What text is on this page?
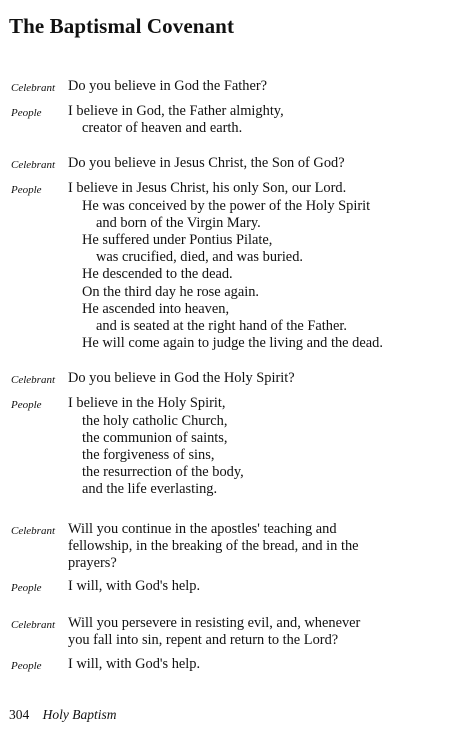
The Baptismal Covenant
Celebrant Do you believe in God the Father?
People	I believe in God, the Father almighty,
creator of heaven and earth.
Celebrant Do you believe in Jesus Christ, the Son of God?
People	I believe in Jesus Christ, his only Son, our Lord.
He was conceived by the power of the Holy Spirit
and born of the Virgin Mary.
He suffered under Pontius Pilate,
was crucified, died, and was buried.
He descended to the dead.
On the third day he rose again.
He ascended into heaven,
and is seated at the right hand of the Father.
He will come again to judge the living and the dead.
Celebrant Do you believe in God the Holy Spirit?
People	I believe in the Holy Spirit,
the holy catholic Church,
the communion of saints,
the forgiveness of sins,
the resurrection of the body,
and the life everlasting.
Celebrant Will you continue in the apostles' teaching and
fellowship, in the breaking of the bread, and in the
prayers?
People	I will, with God's help.
Celebrant Will you persevere in resisting evil, and, whenever
you fall into sin, repent and return to the Lord?
People	I will, with God's help.
304 Holy Baptism
